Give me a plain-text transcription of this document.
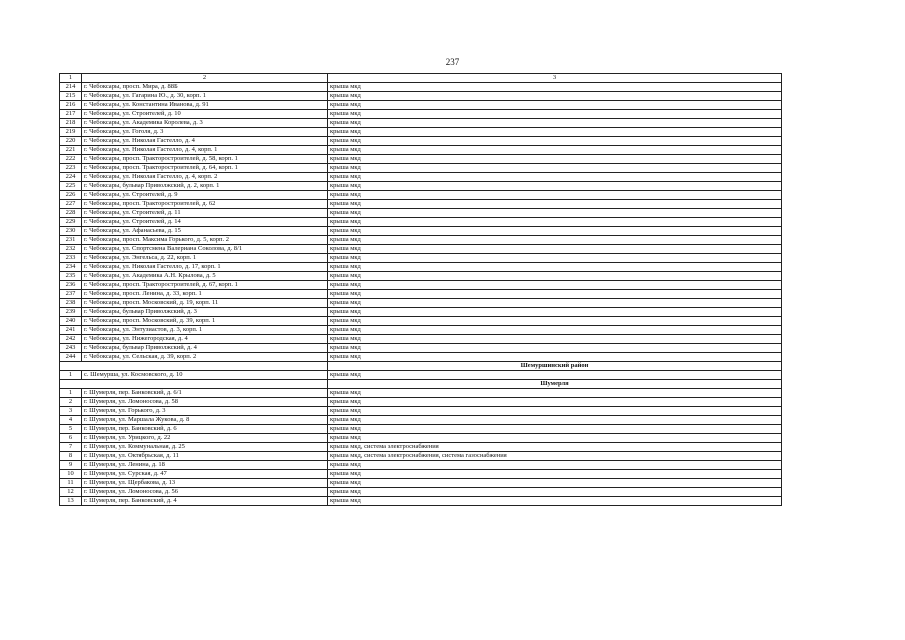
237
1	2	3
214	г. Чебоксары, просп. Мира, д. 88Б	крыша мкд
215	г. Чебоксары, ул. Гагарина Ю., д. 30, корп. 1	крыша мкд
216	г. Чебоксары, ул. Константина Иванова, д. 91	крыша мкд
217	г. Чебоксары, ул. Строителей, д. 10	крыша мкд
218	г. Чебоксары, ул. Академика Королева, д. 3	крыша мкд
219	г. Чебоксары, ул. Гоголя, д. 3	крыша мкд
220	г. Чебоксары, ул. Николая Гастелло, д. 4	крыша мкд
221	г. Чебоксары, ул. Николая Гастелло, д. 4, корп. 1	крыша мкд
222	г. Чебоксары, просп. Тракторостроителей, д. 58, корп. 1	крыша мкд
223	г. Чебоксары, просп. Тракторостроителей, д. 64, корп. 1	крыша мкд
224	г. Чебоксары, ул. Николая Гастелло, д. 4, корп. 2	крыша мкд
225	г. Чебоксары, бульвар Приволжский, д. 2, корп. 1	крыша мкд
226	г. Чебоксары, ул. Строителей, д. 9	крыша мкд
227	г. Чебоксары, просп. Тракторостроителей, д. 62	крыша мкд
228	г. Чебоксары, ул. Строителей, д. 11	крыша мкд
229	г. Чебоксары, ул. Строителей, д. 14	крыша мкд
230	г. Чебоксары, ул. Афанасьева, д. 15	крыша мкд
231	г. Чебоксары, просп. Максима Горького, д. 5, корп. 2	крыша мкд
232	г. Чебоксары, ул. Спортсмена Валериана Соколова, д. 8/1	крыша мкд
233	г. Чебоксары, ул. Энгельса, д. 22, корп. 1	крыша мкд
234	г. Чебоксары, ул. Николая Гастелло, д. 17, корп. 1	крыша мкд
235	г. Чебоксары, ул. Академика А.Н. Крылова, д. 5	крыша мкд
236	г. Чебоксары, просп. Тракторостроителей, д. 67, корп. 1	крыша мкд
237	г. Чебоксары, просп. Ленина, д. 33, корп. 1	крыша мкд
238	г. Чебоксары, просп. Московский, д. 19, корп. 11	крыша мкд
239	г. Чебоксары, бульвар Приволжский, д. 3	крыша мкд
240	г. Чебоксары, просп. Московский, д. 39, корп. 1	крыша мкд
241	г. Чебоксары, ул. Энтузиастов, д. 3, корп. 1	крыша мкд
242	г. Чебоксары, ул. Нижегородская, д. 4	крыша мкд
243	г. Чебоксары, бульвар Приволжский, д. 4	крыша мкд
244	г. Чебоксары, ул. Сельская, д. 39, корп. 2	крыша мкд
		Шемуршинский район
1	с. Шемурша, ул. Космовского, д. 10	крыша мкд
		Шумерля
1	г. Шумерля, пер. Банковский, д. 6/1	крыша мкд
2	г. Шумерля, ул. Ломоносова, д. 58	крыша мкд
3	г. Шумерля, ул. Горького, д. 3	крыша мкд
4	г. Шумерля, ул. Маршала Жукова, д. 8	крыша мкд
5	г. Шумерля, пер. Банковский, д. 6	крыша мкд
6	г. Шумерля, ул. Урицкого, д. 22	крыша мкд
7	г. Шумерля, ул. Коммунальная, д. 25	крыша мкд, система электроснабжения
8	г. Шумерля, ул. Октябрьская, д. 11	крыша мкд, система электроснабжения, система газоснабжения
9	г. Шумерля, ул. Ленина, д. 18	крыша мкд
10	г. Шумерля, ул. Сурская, д. 47	крыша мкд
11	г. Шумерля, ул. Щербакова, д. 13	крыша мкд
12	г. Шумерля, ул. Ломоносова, д. 56	крыша мкд
13	г. Шумерля, пер. Банковский, д. 4	крыша мкд
